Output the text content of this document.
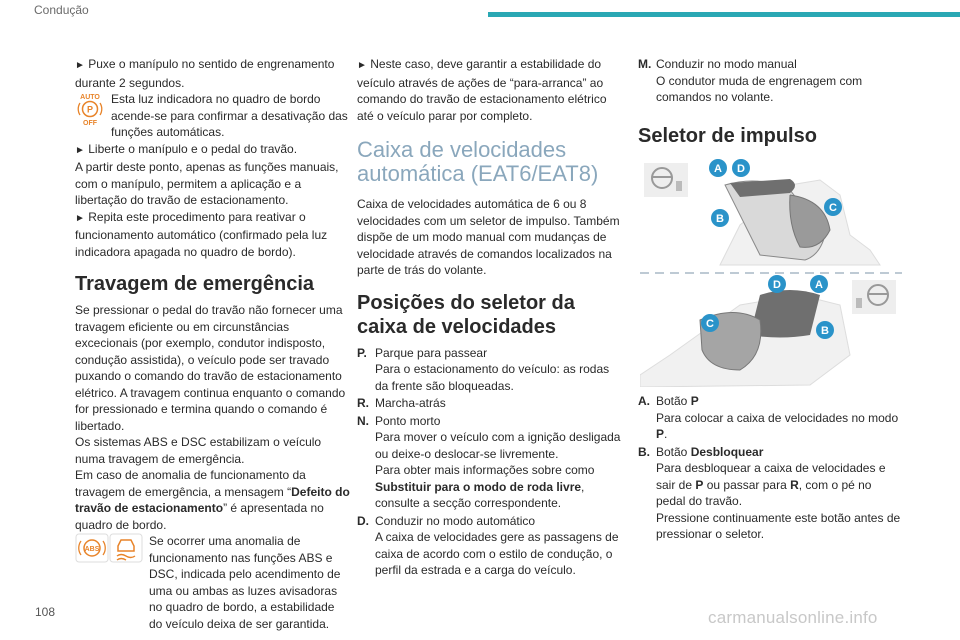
Condução

► Puxe o manípulo no sentido de engrenamento durante 2 segundos.

AUTO
P
OFF

Esta luz indicadora no quadro de bordo acende-se para confirmar a desativação das funções automáticas.

► Liberte o manípulo e o pedal do travão.

A partir deste ponto, apenas as funções manuais, com o manípulo, permitem a aplicação e a libertação do travão de estacionamento.

► Repita este procedimento para reativar o funcionamento automático (confirmado pela luz indicadora apagada no quadro de bordo).

Travagem de emergência

Se pressionar o pedal do travão não fornecer uma travagem eficiente ou em circunstâncias excecionais (por exemplo, condutor indisposto, condução assistida), o veículo pode ser travado puxando o comando do travão de estacionamento elétrico. A travagem continua enquanto o comando for pressionado e termina quando o comando é libertado.

Os sistemas ABS e DSC estabilizam o veículo numa travagem de emergência.

Em caso de anomalia de funcionamento da travagem de emergência, a mensagem “Defeito do travão de estacionamento” é apresentada no quadro de bordo.

ABS

Se ocorrer uma anomalia de funcionamento nas funções ABS e DSC, indicada pelo acendimento de uma ou ambas as luzes avisadoras no quadro de bordo, a estabilidade do veículo deixa de ser garantida.

► Neste caso, deve garantir a estabilidade do veículo através de ações de “para-arranca” ao comando do travão de estacionamento elétrico até o veículo parar por completo.

Caixa de velocidades automática (EAT6/EAT8)

Caixa de velocidades automática de 6 ou 8 velocidades com um seletor de impulso. Também dispõe de um modo manual com mudanças de velocidade através de comandos localizados na parte de trás do volante.

Posições do seletor da caixa de velocidades
P. Parque para passear
Para o estacionamento do veículo: as rodas da frente são bloqueadas.
R. Marcha-atrás
N. Ponto morto
Para mover o veículo com a ignição desligada ou deixe-o deslocar-se livremente.
Para obter mais informações sobre como Substituir para o modo de roda livre, consulte a secção correspondente.
D. Conduzir no modo automático
A caixa de velocidades gere as passagens de caixa de acordo com o estilo de condução, o perfil da estrada e a carga do veículo.
M. Conduzir no modo manual
O condutor muda de engrenagem com comandos no volante.
Seletor de impulso
A D
B
C
D	A
C
B
A. Botão P
Para colocar a caixa de velocidades no modo P.
B. Botão Desbloquear
Para desbloquear a caixa de velocidades e sair de P ou passar para R, com o pé no pedal do travão.
Pressione continuamente este botão antes de pressionar o seletor.
108	carmanualsonline.info
